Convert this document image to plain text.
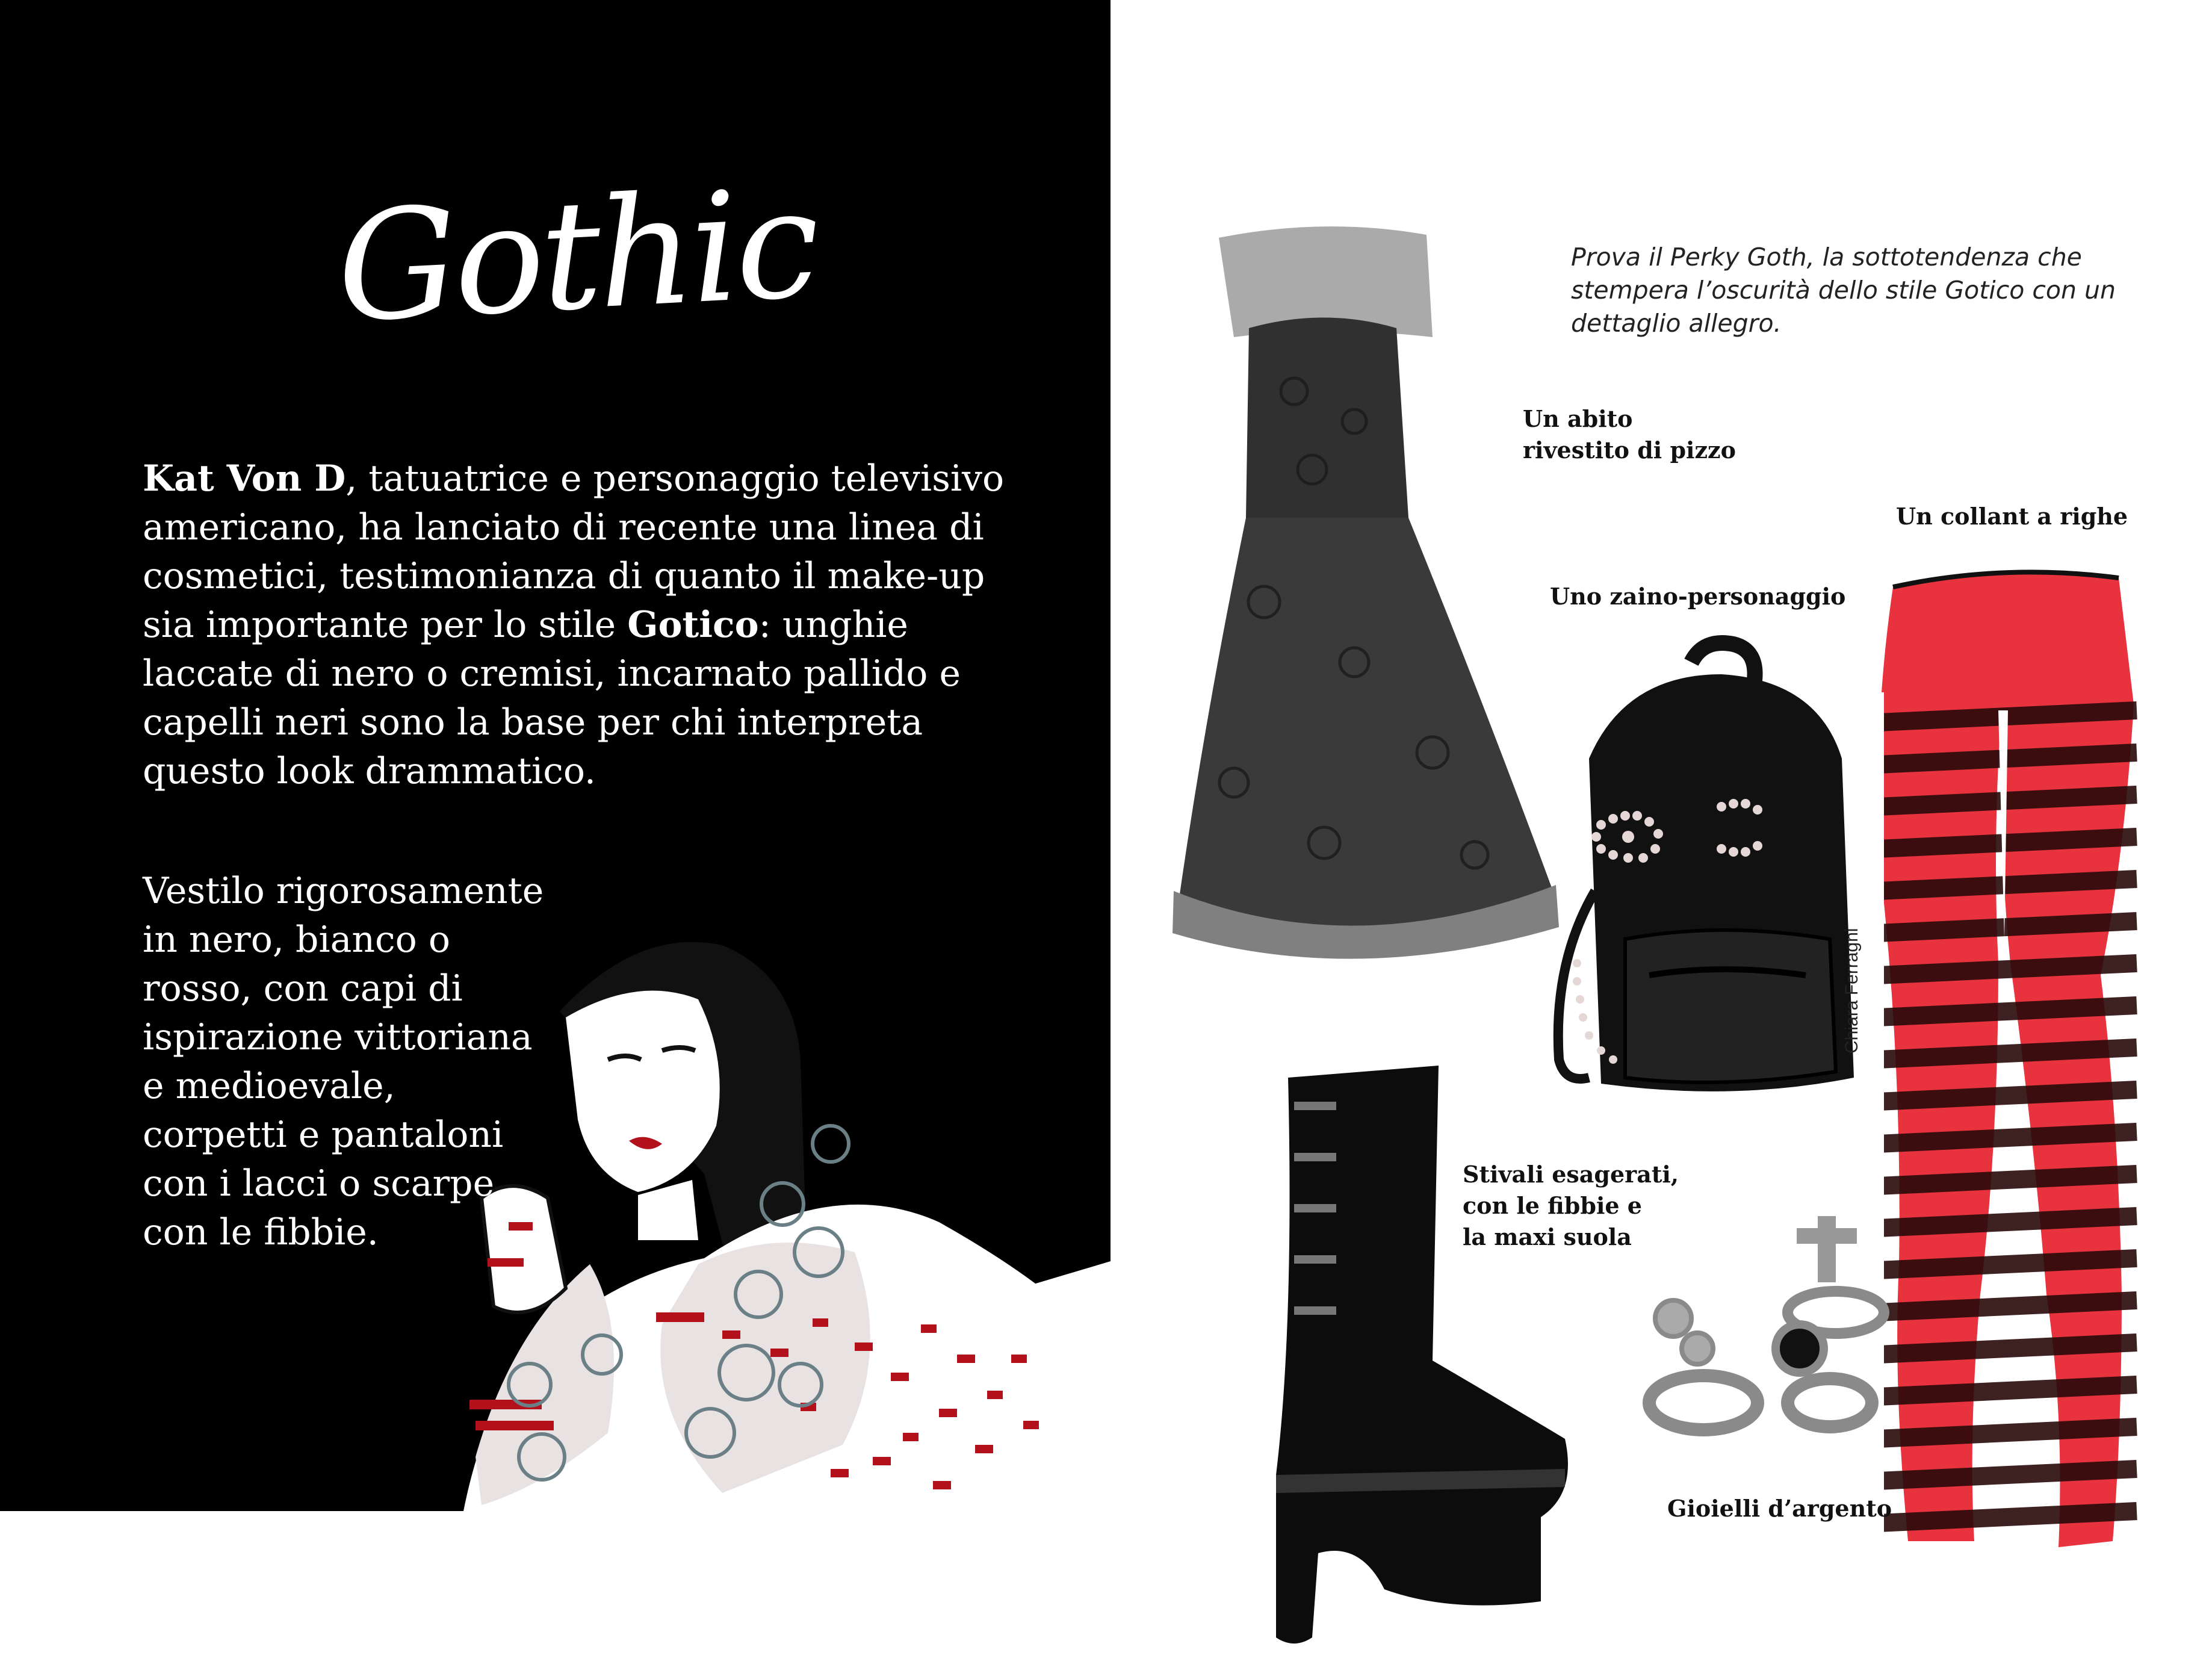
Gothic
Kat Von D, tatuatrice e personaggio televisivo americano, ha lanciato di recente una linea di cosmetici, testimonianza di quanto il make-up sia importante per lo stile Gotico: unghie laccate di nero o cremisi, incarnato pallido e capelli neri sono la base per chi interpreta questo look drammatico.
Vestilo rigorosamente in nero, bianco o rosso, con capi di ispirazione vittoriana e medioevale, corpetti e pantaloni con i lacci o scarpe con le fibbie.
Prova il Perky Goth, la sottotendenza che stempera l’oscurità dello stile Gotico con un dettaglio allegro.
Un abito
rivestito di pizzo
Un collant a righe
Uno zaino-personaggio
Stivali esagerati,
con le fibbie e
la maxi suola
Gioielli d’argento
Chiara Ferragni
